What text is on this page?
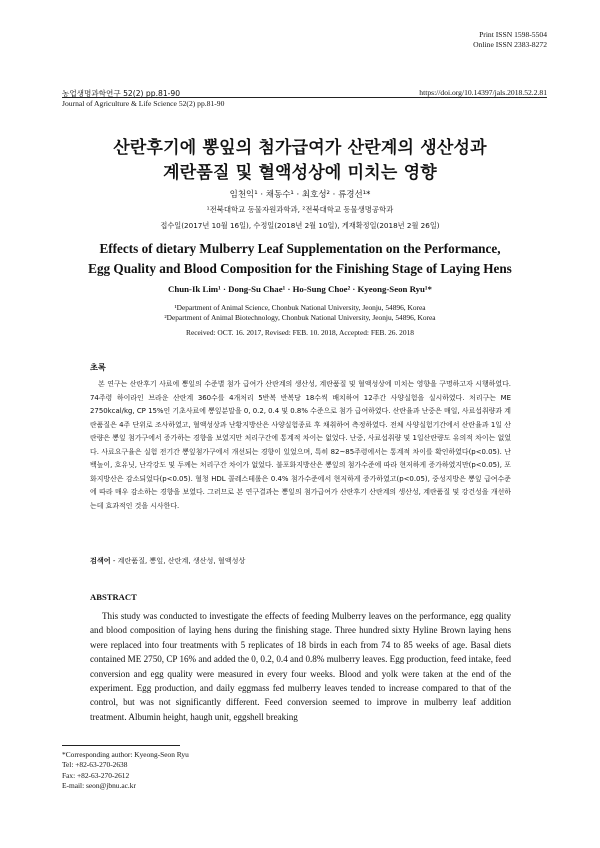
Print ISSN 1598-5504
Online ISSN 2383-8272
농업생명과학연구 52(2) pp.81-90	https://doi.org/10.14397/jals.2018.52.2.81
Journal of Agriculture & Life Science 52(2) pp.81-90
산란후기에 뽕잎의 첨가급여가 산란계의 생산성과
계란품질 및 혈액성상에 미치는 영향
임천익¹ · 채동수¹ · 최호성² · 류경선¹*
¹전북대학교 동물자원과학과, ²전북대학교 동물생명공학과
접수일(2017년 10월 16일), 수정일(2018년 2월 10일), 게재확정일(2018년 2월 26일)
Effects of dietary Mulberry Leaf Supplementation on the Performance,
Egg Quality and Blood Composition for the Finishing Stage of Laying Hens
Chun-Ik Lim¹ · Dong-Su Chae¹ · Ho-Sung Choe² · Kyeong-Seon Ryu¹*
¹Department of Animal Science, Chonbuk National University, Jeonju, 54896, Korea
²Department of Animal Biotechnology, Chonbuk National University, Jeonju, 54896, Korea
Received: OCT. 16. 2017, Revised: FEB. 10. 2018, Accepted: FEB. 26. 2018
초록

본 연구는 산란후기 사료에 뽕잎의 수준별 첨가 급여가 산란계의 생산성, 계란품질 및 혈액성상에 미치는 영향을 구명하고자 시행하였다. 74주령 하이라인 브라운 산란계 360수를 4개처리 5반복 반복당 18수씩 배치하여 12주간 사양실험을 실시하였다. 처리구는 ME 2750kcal/kg, CP 15%인 기초사료에 뽕잎분말을 0, 0.2, 0.4 및 0.8% 수준으로 첨가 급여하였다. 산란율과 난중은 매일, 사료섭취량과 계란품질은 4주 단위로 조사하였고, 혈액성상과 난황지방산은 사양실험종료 후 채취하여 측정하였다. 전체 사양실험기간에서 산란율과 1일 산란량은 뽕잎 첨가구에서 증가하는 경향을 보였지만 처리구간에 통계적 차이는 없었다. 난중, 사료섭취량 및 1일산란량도 유의적 차이는 없었다. 사료요구율은 실험 전기간 뽕잎첨가구에서 개선되는 경향이 있었으며, 특히 82~85주령에서는 통계적 차이를 확인하였다(p<0.05). 난백높이, 호유닛, 난각강도 및 두께는 처리구간 차이가 없었다. 불포화지방산은 뽕잎의 첨가수준에 따라 현저하게 증가하였지만(p<0.05), 포화지방산은 감소되었다(p<0.05). 혈청 HDL 콜레스테롤은 0.4% 첨가수준에서 현저하게 증가하였고(p<0.05), 중성지방은 뽕잎 급여수준에 따라 매우 감소하는 경향을 보였다. 그러므로 본 연구결과는 뽕잎의 첨가급여가 산란후기 산란계의 생산성, 계란품질 및 강건성을 개선하는데 효과적인 것을 시사한다.

검색어 - 계란품질, 뽕잎, 산란계, 생산성, 혈액성상
ABSTRACT

This study was conducted to investigate the effects of feeding Mulberry leaves on the performance, egg quality and blood composition of laying hens during the finishing stage. Three hundred sixty Hyline Brown laying hens were replaced into four treatments with 5 replicates of 18 birds in each from 74 to 85 weeks of age. Basal diets contained ME 2750, CP 16% and added the 0, 0.2, 0.4 and 0.8% mulberry leaves. Egg production, feed intake, feed conversion and egg quality were measured in every four weeks. Blood and yolk were taken at the end of the experiment. Egg production, and daily eggmass fed mulberry leaves tended to increase compared to that of the control, but was not significantly different. Feed conversion seemed to improve in mulberry leaf addition treatment. Albumin height, haugh unit, eggshell breaking

*Corresponding author: Kyeong-Seon Ryu
Tel: +82-63-270-2638
Fax: +82-63-270-2612
E-mail: seon@jbnu.ac.kr
